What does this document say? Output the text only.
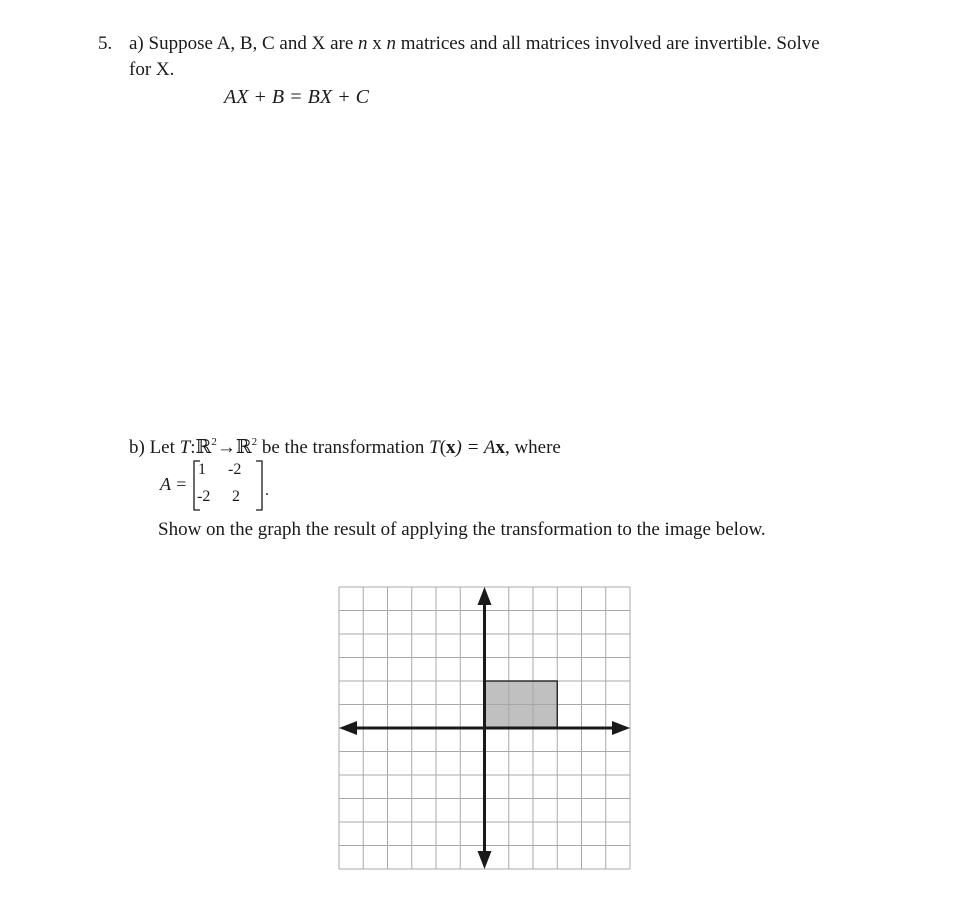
5. a) Suppose A, B, C and X are n x n matrices and all matrices involved are invertible. Solve
for X.
AX + B = BX + C
b) Let T:ℝ$^2$→ℝ$^2$ be the transformation T(x) = Ax, where
A =
1 -2
-2 2 .
Show on the graph the result of applying the transformation to the image below.
